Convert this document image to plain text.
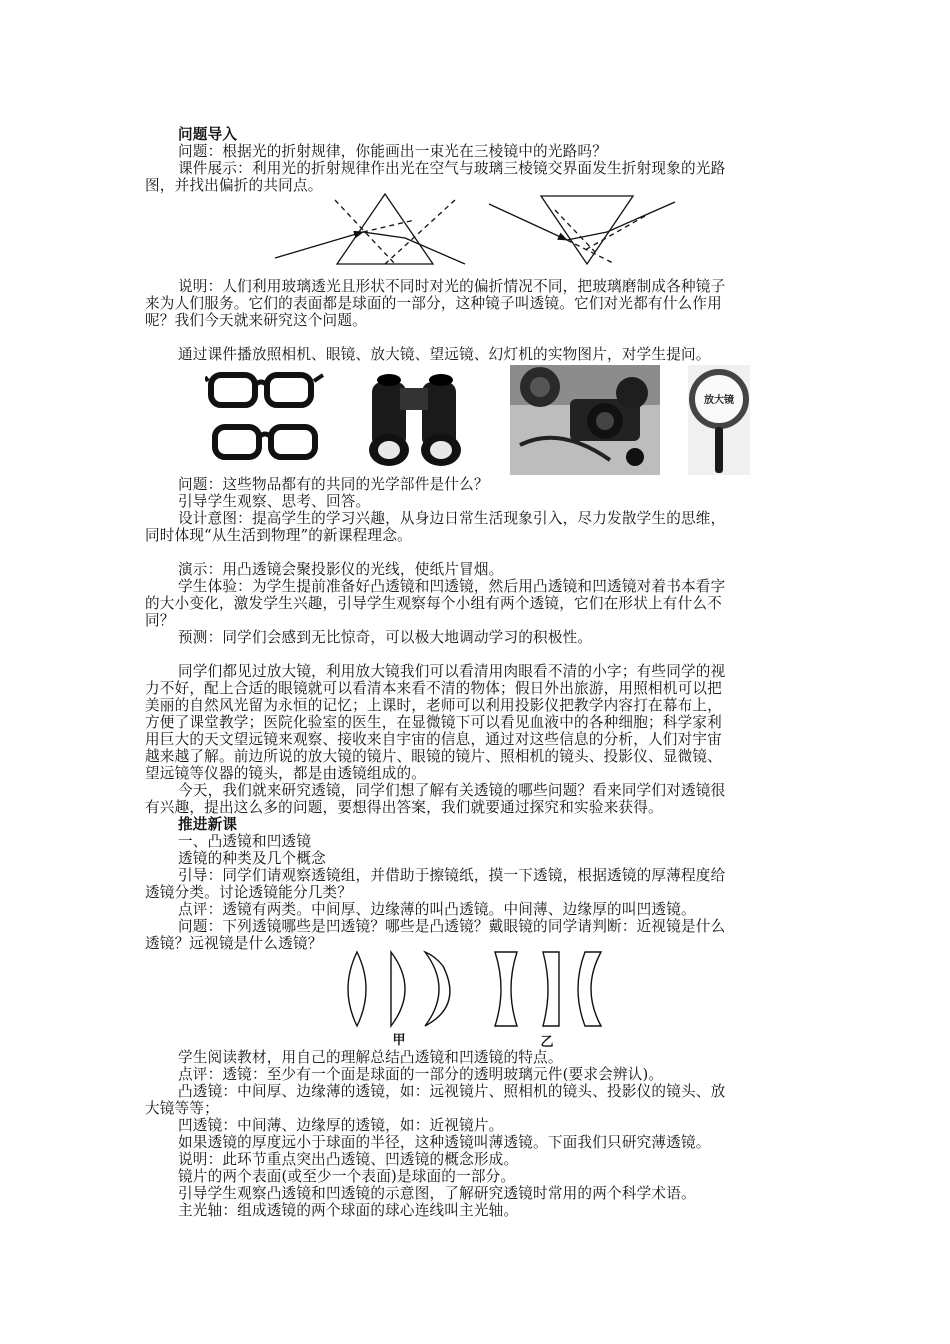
问题导入
问题：根据光的折射规律，你能画出一束光在三棱镜中的光路吗？
课件展示：利用光的折射规律作出光在空气与玻璃三棱镜交界面发生折射现象的光路
图，并找出偏折的共同点。
说明：人们利用玻璃透光且形状不同时对光的偏折情况不同，把玻璃磨制成各种镜子
来为人们服务。它们的表面都是球面的一部分，这种镜子叫透镜。它们对光都有什么作用
呢？我们今天就来研究这个问题。
通过课件播放照相机、眼镜、放大镜、望远镜、幻灯机的实物图片，对学生提问。
放大镜
问题：这些物品都有的共同的光学部件是什么？
引导学生观察、思考、回答。
设计意图：提高学生的学习兴趣，从身边日常生活现象引入，尽力发散学生的思维，
同时体现“从生活到物理”的新课程理念。
演示：用凸透镜会聚投影仪的光线，使纸片冒烟。
学生体验：为学生提前准备好凸透镜和凹透镜，然后用凸透镜和凹透镜对着书本看字
的大小变化，激发学生兴趣，引导学生观察每个小组有两个透镜，它们在形状上有什么不
同？
预测：同学们会感到无比惊奇，可以极大地调动学习的积极性。
同学们都见过放大镜，利用放大镜我们可以看清用肉眼看不清的小字；有些同学的视
力不好，配上合适的眼镜就可以看清本来看不清的物体；假日外出旅游，用照相机可以把
美丽的自然风光留为永恒的记忆；上课时，老师可以利用投影仪把教学内容打在幕布上，
方便了课堂教学；医院化验室的医生，在显微镜下可以看见血液中的各种细胞；科学家利
用巨大的天文望远镜来观察、接收来自宇宙的信息，通过对这些信息的分析，人们对宇宙
越来越了解。前边所说的放大镜的镜片、眼镜的镜片、照相机的镜头、投影仪、显微镜、
望远镜等仪器的镜头，都是由透镜组成的。
今天，我们就来研究透镜，同学们想了解有关透镜的哪些问题？看来同学们对透镜很
有兴趣，提出这么多的问题，要想得出答案，我们就要通过探究和实验来获得。
推进新课
一、凸透镜和凹透镜
透镜的种类及几个概念
引导：同学们请观察透镜组，并借助于擦镜纸，摸一下透镜，根据透镜的厚薄程度给
透镜分类。讨论透镜能分几类？
点评：透镜有两类。中间厚、边缘薄的叫凸透镜。中间薄、边缘厚的叫凹透镜。
问题：下列透镜哪些是凹透镜？哪些是凸透镜？戴眼镜的同学请判断：近视镜是什么
透镜？远视镜是什么透镜？
甲	乙
学生阅读教材，用自己的理解总结凸透镜和凹透镜的特点。
点评：透镜：至少有一个面是球面的一部分的透明玻璃元件(要求会辨认)。
凸透镜：中间厚、边缘薄的透镜，如：远视镜片、照相机的镜头、投影仪的镜头、放
大镜等等；
凹透镜：中间薄、边缘厚的透镜，如：近视镜片。
如果透镜的厚度远小于球面的半径，这种透镜叫薄透镜。下面我们只研究薄透镜。
说明：此环节重点突出凸透镜、凹透镜的概念形成。
镜片的两个表面(或至少一个表面)是球面的一部分。
引导学生观察凸透镜和凹透镜的示意图，了解研究透镜时常用的两个科学术语。
主光轴：组成透镜的两个球面的球心连线叫主光轴。
